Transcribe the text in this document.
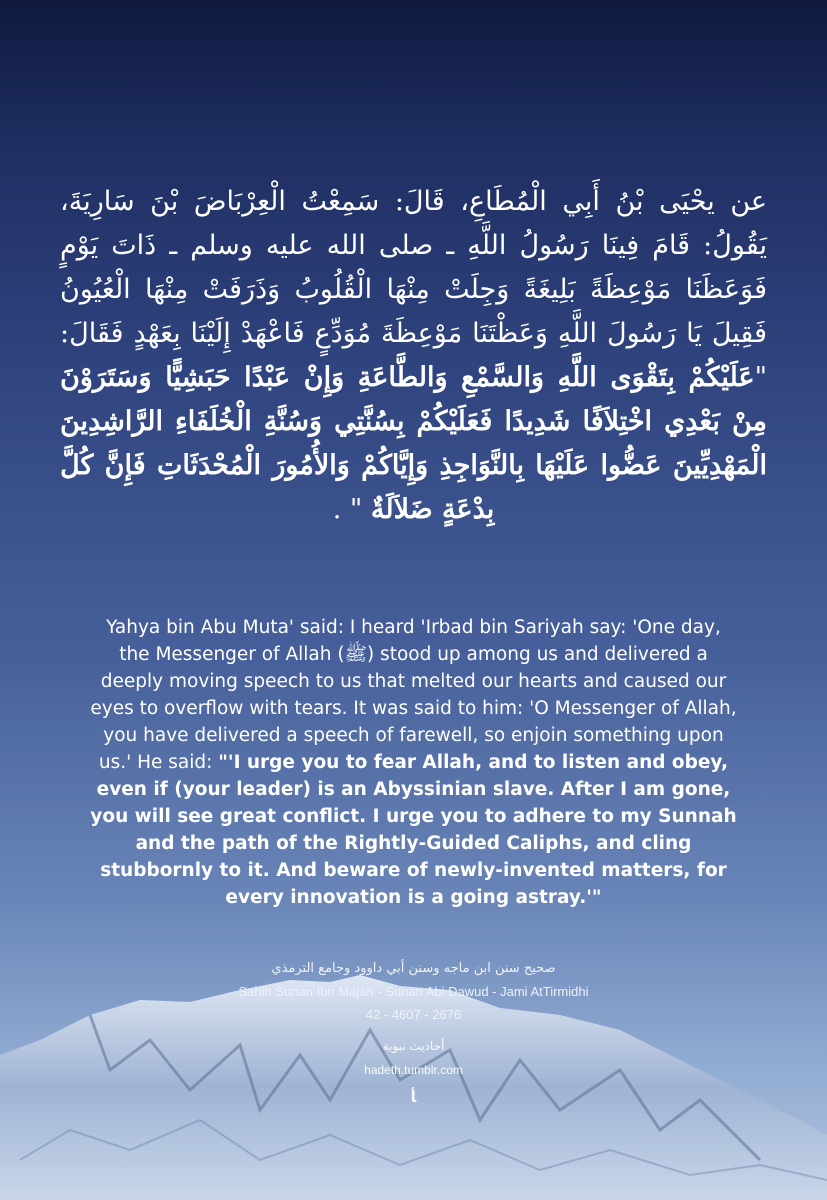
عن يحْيَى بْنُ أَبِي الْمُطَاعِ، قَالَ: سَمِعْتُ الْعِرْبَاضَ بْنَ سَارِيَةَ، يَقُولُ: قَامَ فِينَا رَسُولُ اللَّهِ ـ صلى الله عليه وسلم ـ ذَاتَ يَوْمٍ فَوَعَظَنَا مَوْعِظَةً بَلِيغَةً وَجِلَتْ مِنْهَا الْقُلُوبُ وَذَرَفَتْ مِنْهَا الْعُيُونُ فَقِيلَ يَا رَسُولَ اللَّهِ وَعَظْتَنَا مَوْعِظَةَ مُوَدِّعٍ فَاعْهَدْ إِلَيْنَا بِعَهْدٍ فَقَالَ: "عَلَيْكُمْ بِتَقْوَى اللَّهِ وَالسَّمْعِ وَالطَّاعَةِ وَإِنْ عَبْدًا حَبَشِيًّا وَسَتَرَوْنَ مِنْ بَعْدِي اخْتِلاَفًا شَدِيدًا فَعَلَيْكُمْ بِسُنَّتِي وَسُنَّةِ الْخُلَفَاءِ الرَّاشِدِينَ الْمَهْدِيِّينَ عَضُّوا عَلَيْهَا بِالنَّوَاجِذِ وَإِيَّاكُمْ وَالأُمُورَ الْمُحْدَثَاتِ فَإِنَّ كُلَّ بِدْعَةٍ ضَلاَلَةٌ " .
Yahya bin Abu Muta' said: I heard 'Irbad bin Sariyah say: 'One day, the Messenger of Allah (ﷺ) stood up among us and delivered a deeply moving speech to us that melted our hearts and caused our eyes to overflow with tears. It was said to him: 'O Messenger of Allah, you have delivered a speech of farewell, so enjoin something upon us.' He said: "'I urge you to fear Allah, and to listen and obey, even if (your leader) is an Abyssinian slave. After I am gone, you will see great conflict. I urge you to adhere to my Sunnah and the path of the Rightly-Guided Caliphs, and cling stubbornly to it. And beware of newly-invented matters, for every innovation is a going astray.'"
صحيح سنن ابن ماجه وسنن أبي داوود وجامع الترمذي
Sahih Sunan Ibn Majah - Sunan Abi Dawud - Jami AtTirmidhi
42 - 4607 - 2676
أحاديث نبوية
hadeth.tumblr.com
ﺄ
